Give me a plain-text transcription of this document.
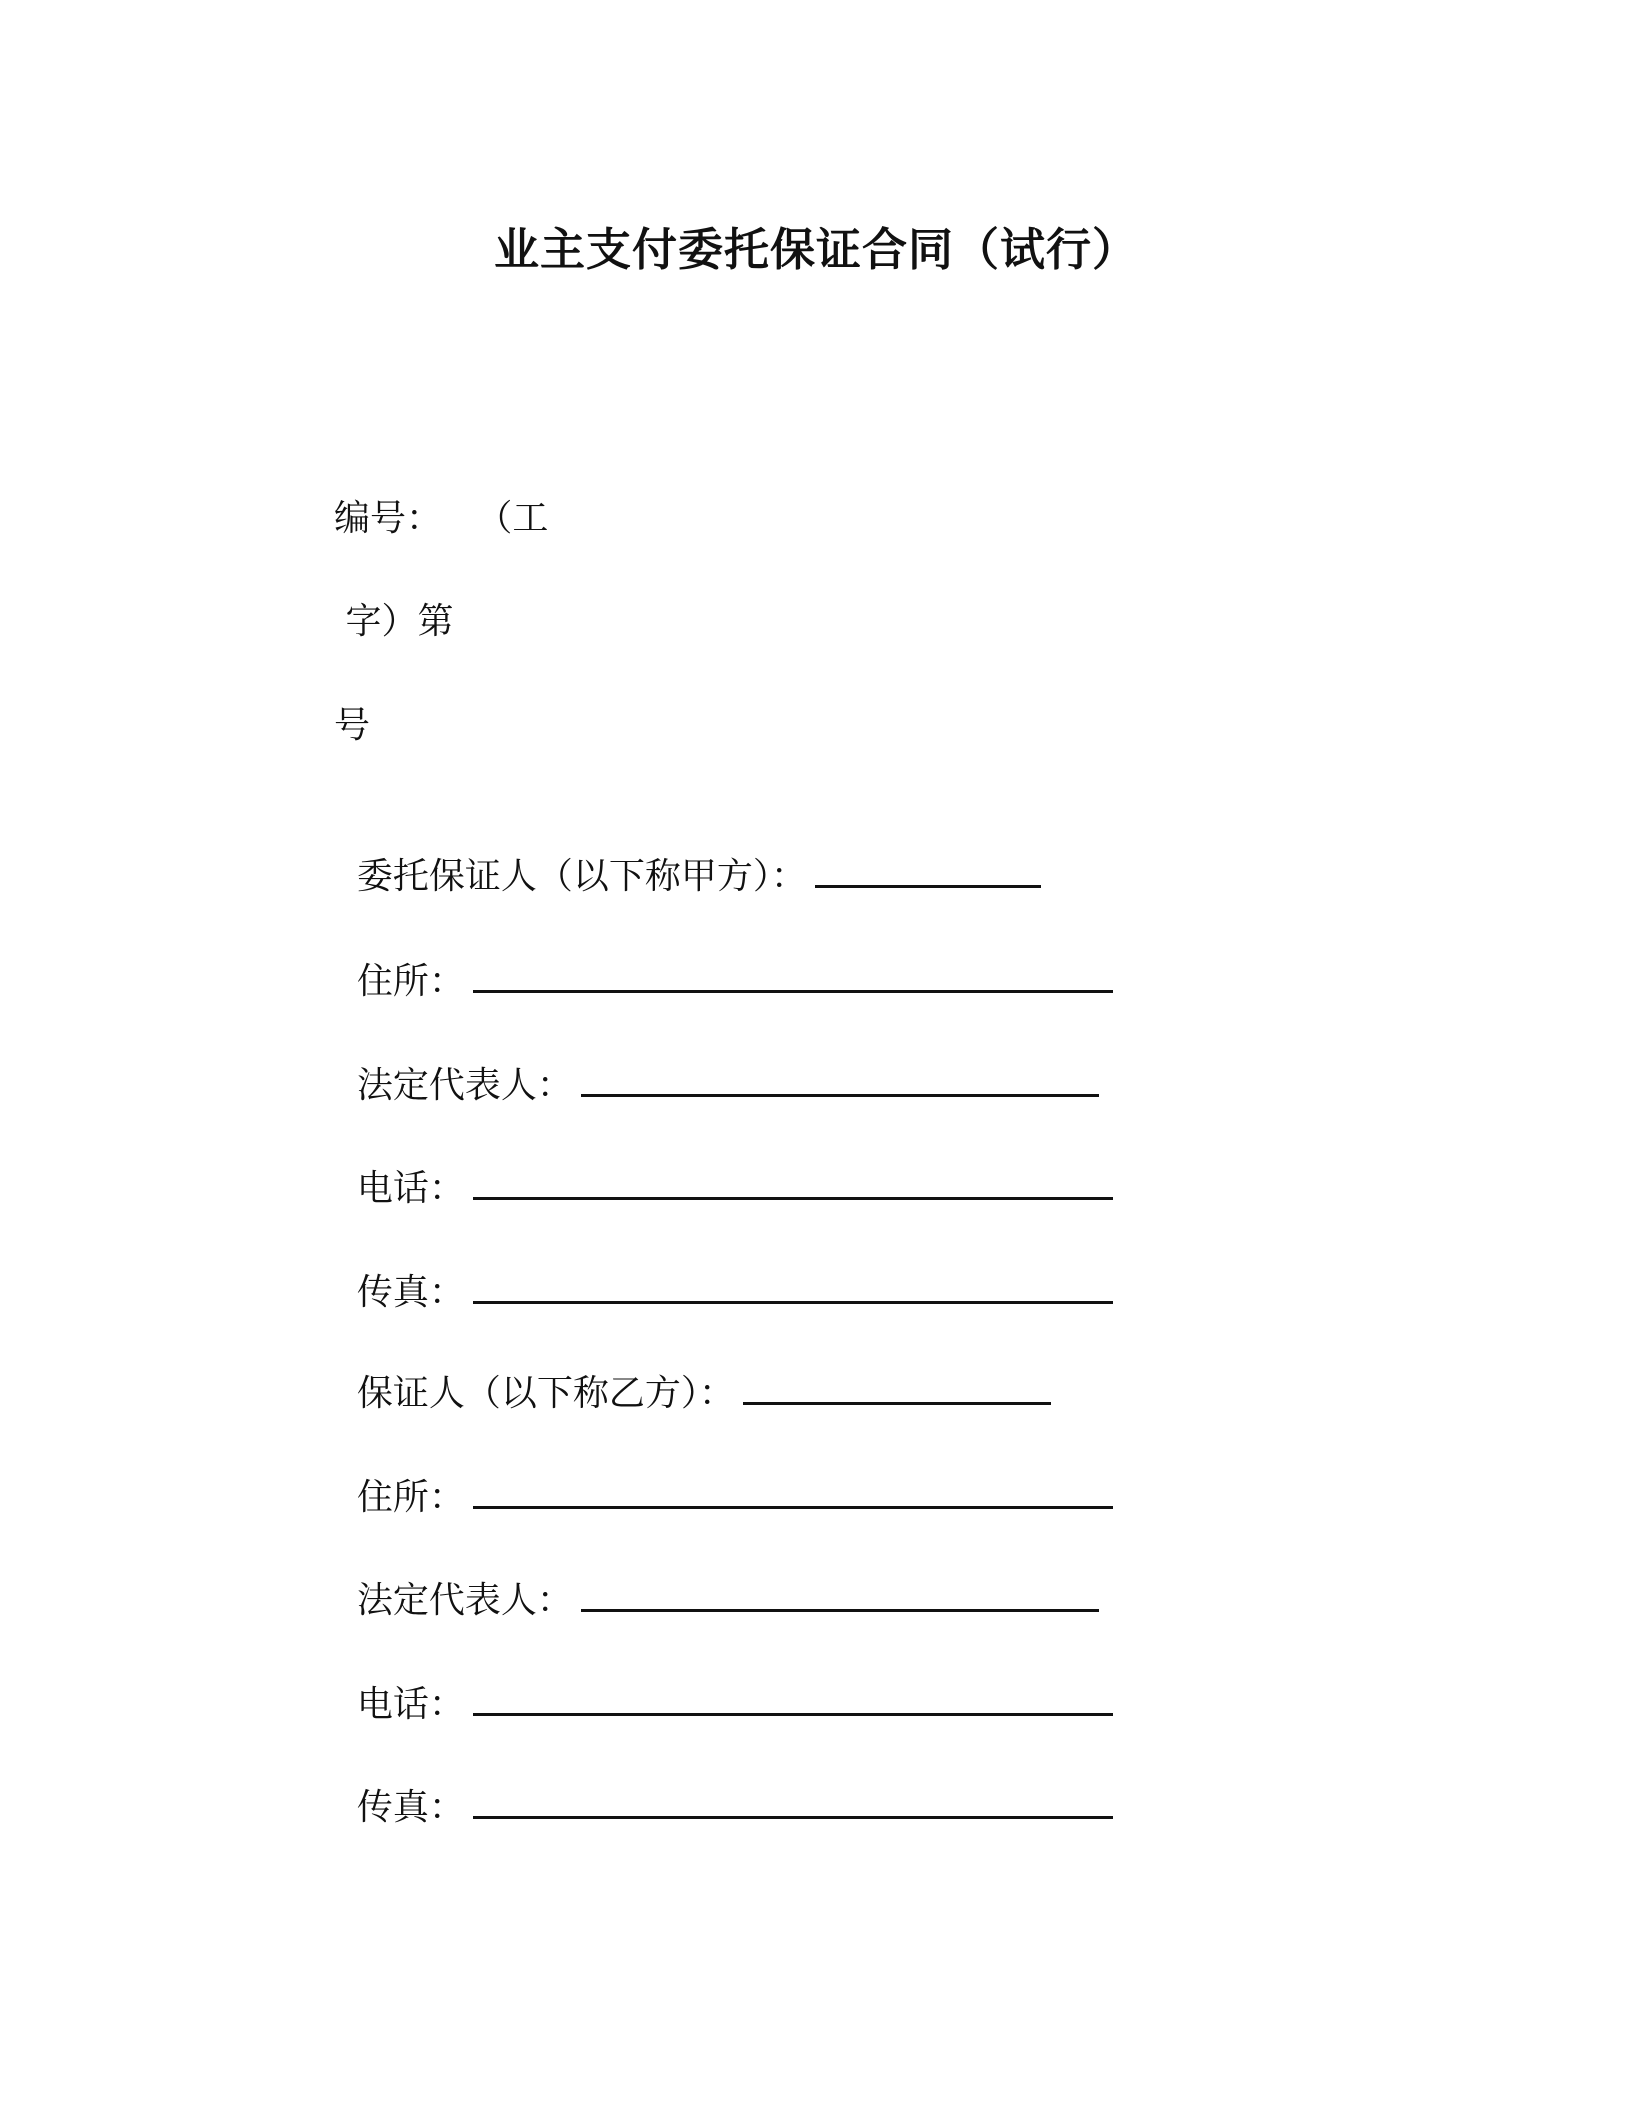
业主支付委托保证合同（试行）
编号：   （工
字）第
号

委托保证人（以下称甲方）：

住所：

法定代表人：

电话：

传真：

保证人（以下称乙方）：

住所：

法定代表人：

电话：

传真：
